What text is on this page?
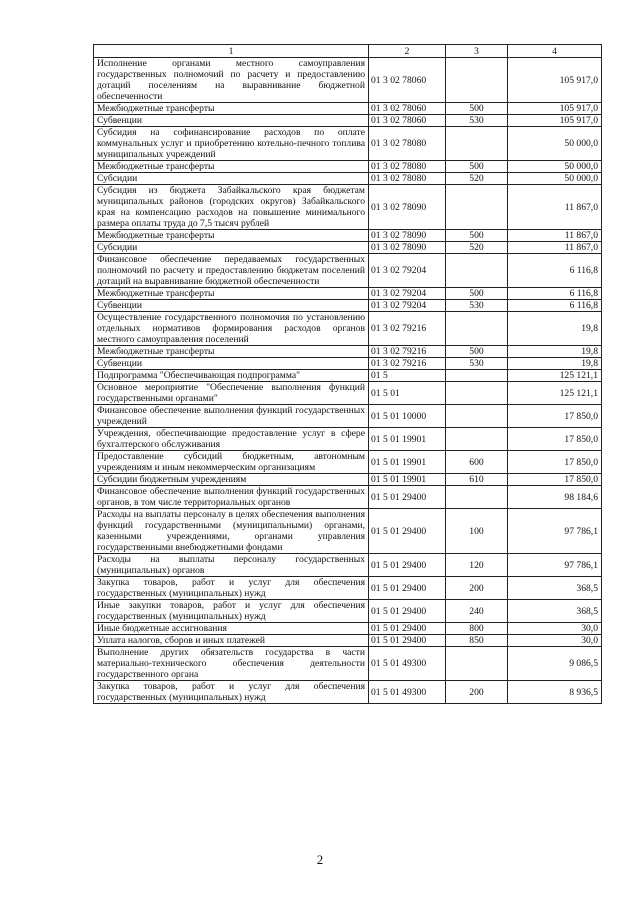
1	2	3	4
Исполнение органами местного самоуправления государственных полномочий по расчету и предоставлению дотаций поселениям на выравнивание бюджетной обеспеченности	01 3 02 78060		105 917,0
Межбюджетные трансферты	01 3 02 78060	500	105 917,0
Субвенции	01 3 02 78060	530	105 917,0
Субсидия на софинансирование расходов по оплате коммунальных услуг и приобретению котельно-печного топлива муниципальных учреждений	01 3 02 78080		50 000,0
Межбюджетные трансферты	01 3 02 78080	500	50 000,0
Субсидии	01 3 02 78080	520	50 000,0
Субсидия из бюджета Забайкальского края бюджетам муниципальных районов (городских округов) Забайкальского края на компенсацию расходов на повышение минимального размера оплаты труда до 7,5 тысяч рублей	01 3 02 78090		11 867,0
Межбюджетные трансферты	01 3 02 78090	500	11 867,0
Субсидии	01 3 02 78090	520	11 867,0
Финансовое обеспечение передаваемых государственных полномочий по расчету и предоставлению бюджетам поселений дотаций на выравнивание бюджетной обеспеченности	01 3 02 79204		6 116,8
Межбюджетные трансферты	01 3 02 79204	500	6 116,8
Субвенции	01 3 02 79204	530	6 116,8
Осуществление государственного полномочия по установлению отдельных нормативов формирования расходов органов местного самоуправления поселений	01 3 02 79216		19,8
Межбюджетные трансферты	01 3 02 79216	500	19,8
Субвенции	01 3 02 79216	530	19,8
Подпрограмма "Обеспечивающая подпрограмма"	01 5		125 121,1
Основное мероприятие "Обеспечение выполнения функций государственными органами"	01 5 01		125 121,1
Финансовое обеспечение выполнения функций государственных учреждений	01 5 01 10000		17 850,0
Учреждения, обеспечивающие предоставление услуг в сфере бухгалтерского обслуживания	01 5 01 19901		17 850,0
Предоставление субсидий бюджетным, автономным учреждениям и иным некоммерческим организациям	01 5 01 19901	600	17 850,0
Субсидии бюджетным учреждениям	01 5 01 19901	610	17 850,0
Финансовое обеспечение выполнения функций государственных органов, в том числе территориальных органов	01 5 01 29400		98 184,6
Расходы на выплаты персоналу в целях обеспечения выполнения функций государственными (муниципальными) органами, казенными учреждениями, органами управления государственными внебюджетными фондами	01 5 01 29400	100	97 786,1
Расходы на выплаты персоналу государственных (муниципальных) органов	01 5 01 29400	120	97 786,1
Закупка товаров, работ и услуг для обеспечения государственных (муниципальных) нужд	01 5 01 29400	200	368,5
Иные закупки товаров, работ и услуг для обеспечения государственных (муниципальных) нужд	01 5 01 29400	240	368,5
Иные бюджетные ассигнования	01 5 01 29400	800	30,0
Уплата налогов, сборов и иных платежей	01 5 01 29400	850	30,0
Выполнение других обязательств государства в части материально-технического обеспечения деятельности государственного органа	01 5 01 49300		9 086,5
Закупка товаров, работ и услуг для обеспечения государственных (муниципальных) нужд	01 5 01 49300	200	8 936,5
2
